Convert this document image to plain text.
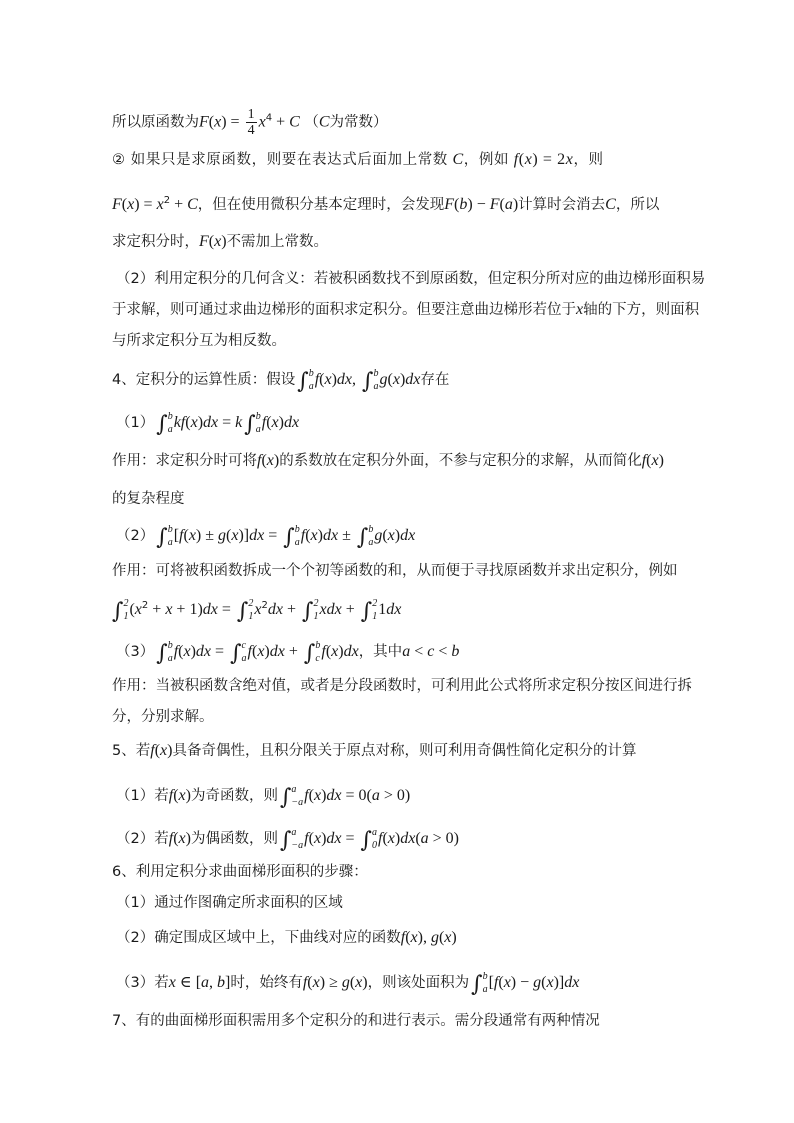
所以原函数为$F(x) = \frac{1}{4} x^4 + C$ （C为常数）
② 如果只是求原函数，则要在表达式后面加上常数 C，例如 f(x) = 2x，则
$F(x) = x^2 + C$，但在使用微积分基本定理时，会发现F(b) − F(a)计算时会消去C，所以
求定积分时，F(x)不需加上常数。
（2）利用定积分的几何含义：若被积函数找不到原函数，但定积分所对应的曲边梯形面积易
于求解，则可通过求曲边梯形的面积求定积分。但要注意曲边梯形若位于x轴的下方，则面积
与所求定积分互为相反数。
4、定积分的运算性质：假设∫ b
a f(x)dx, ∫ b
a g(x)dx存在
（1）∫ b
a kf(x)dx = k∫ b
a f(x)dx
作用：求定积分时可将f(x)的系数放在定积分外面，不参与定积分的求解，从而简化f(x)
的复杂程度
（2）∫ b
a [f(x) ± g(x)]dx = ∫ b
a f(x)dx ± ∫ b
a g(x)dx
作用：可将被积函数拆成一个个初等函数的和，从而便于寻找原函数并求出定积分，例如
∫ 2
1 $(x^2 + x + 1)dx$ = ∫ 2
1 $x^2dx$ + ∫ 2
1 xdx + ∫ 2
1 1dx
（3）∫ b
a f(x)dx = ∫ c
a f(x)dx + ∫ b
c f(x)dx，其中a < c < b
作用：当被积函数含绝对值，或者是分段函数时，可利用此公式将所求定积分按区间进行拆
分，分别求解。
5、若f(x)具备奇偶性，且积分限关于原点对称，则可利用奇偶性简化定积分的计算
（1）若f(x)为奇函数，则∫ a
−a f(x)dx = 0(a > 0)
（2）若f(x)为偶函数，则∫ a
−a f(x)dx = ∫ a
0 f(x)dx(a > 0)
6、利用定积分求曲面梯形面积的步骤：
（1）通过作图确定所求面积的区域
（2）确定围成区域中上，下曲线对应的函数f(x), g(x)
（3）若x ∈ [a, b]时，始终有f(x) ≥ g(x)，则该处面积为∫ b
a [f(x) − g(x)]dx
7、有的曲面梯形面积需用多个定积分的和进行表示。需分段通常有两种情况
